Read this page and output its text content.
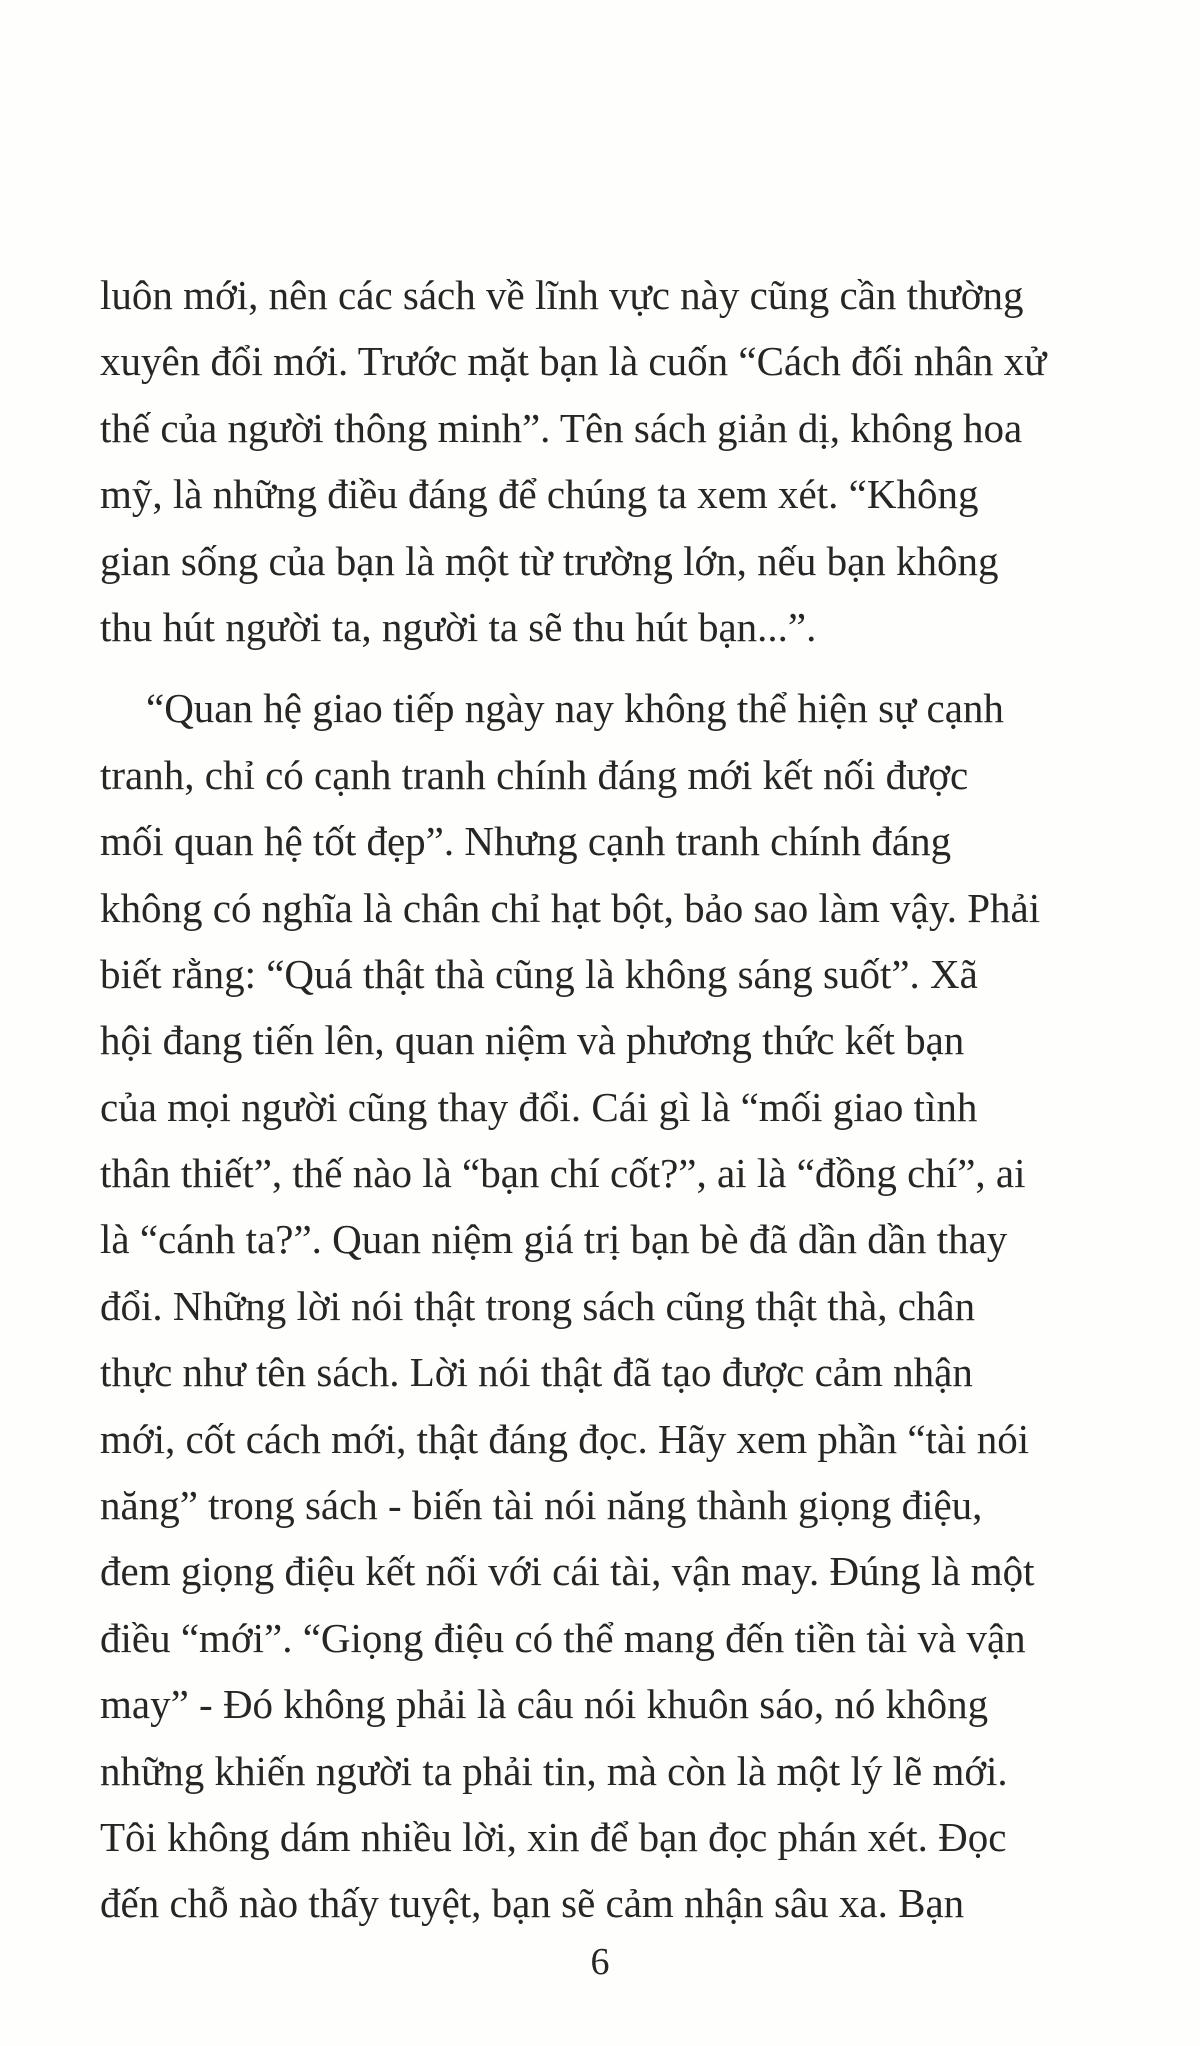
luôn mới, nên các sách về lĩnh vực này cũng cần thường
xuyên đổi mới. Trước mặt bạn là cuốn “Cách đối nhân xử
thế của người thông minh”. Tên sách giản dị, không hoa
mỹ, là những điều đáng để chúng ta xem xét. “Không
gian sống của bạn là một từ trường lớn, nếu bạn không
thu hút người ta, người ta sẽ thu hút bạn...”.
“Quan hệ giao tiếp ngày nay không thể hiện sự cạnh
tranh, chỉ có cạnh tranh chính đáng mới kết nối được
mối quan hệ tốt đẹp”. Nhưng cạnh tranh chính đáng
không có nghĩa là chân chỉ hạt bột, bảo sao làm vậy. Phải
biết rằng: “Quá thật thà cũng là không sáng suốt”. Xã
hội đang tiến lên, quan niệm và phương thức kết bạn
của mọi người cũng thay đổi. Cái gì là “mối giao tình
thân thiết”, thế nào là “bạn chí cốt?”, ai là “đồng chí”, ai
là “cánh ta?”. Quan niệm giá trị bạn bè đã dần dần thay
đổi. Những lời nói thật trong sách cũng thật thà, chân
thực như tên sách. Lời nói thật đã tạo được cảm nhận
mới, cốt cách mới, thật đáng đọc. Hãy xem phần “tài nói
năng” trong sách - biến tài nói năng thành giọng điệu,
đem giọng điệu kết nối với cái tài, vận may. Đúng là một
điều “mới”. “Giọng điệu có thể mang đến tiền tài và vận
may” - Đó không phải là câu nói khuôn sáo, nó không
những khiến người ta phải tin, mà còn là một lý lẽ mới.
Tôi không dám nhiều lời, xin để bạn đọc phán xét. Đọc
đến chỗ nào thấy tuyệt, bạn sẽ cảm nhận sâu xa. Bạn
6
